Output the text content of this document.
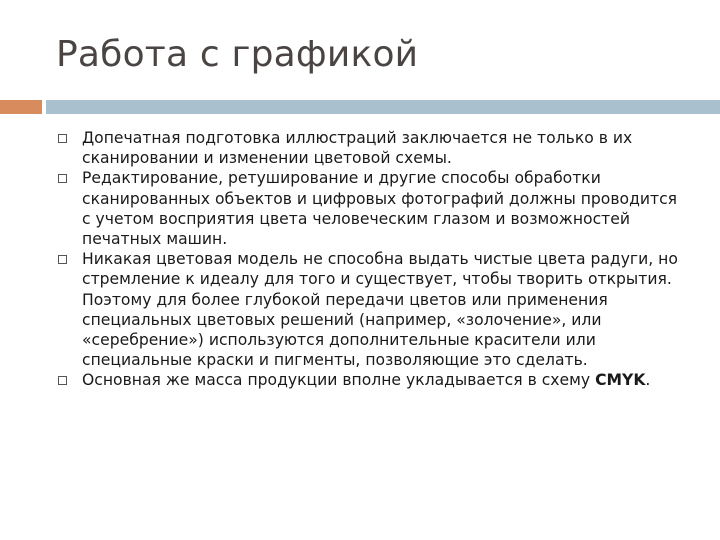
Работа с графикой
Допечатная подготовка иллюстраций заключается не только в их сканировании и изменении цветовой схемы.
Редактирование, ретуширование и другие способы обработки сканированных объектов и цифровых фотографий должны проводится с учетом восприятия цвета человеческим глазом и возможностей печатных машин.
Никакая цветовая модель не способна выдать чистые цвета радуги, но стремление к идеалу для того и существует, чтобы творить открытия. Поэтому для более глубокой передачи цветов или применения специальных цветовых решений (например, «золочение», или «серебрение») используются дополнительные красители или специальные краски и пигменты, позволяющие это сделать.
Основная же масса продукции вполне укладывается в схему CMYK.
